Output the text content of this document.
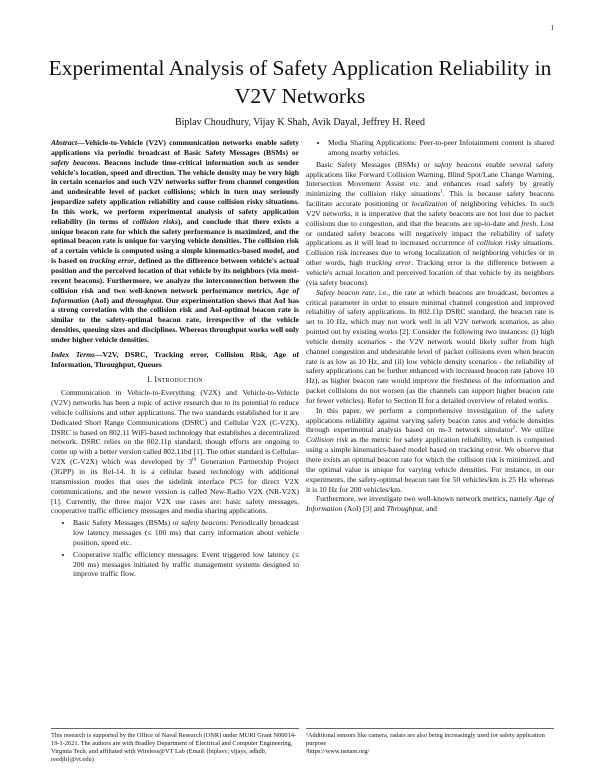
1
Experimental Analysis of Safety Application Reliability in V2V Networks
Biplav Choudhury, Vijay K Shah, Avik Dayal, Jeffrey H. Reed

Abstract—Vehicle-to-Vehicle (V2V) communication networks enable safety applications via periodic broadcast of Basic Safety Messages (BSMs) or safety beacons. Beacons include time-critical information such as sender vehicle's location, speed and direction. The vehicle density may be very high in certain scenarios and such V2V networks suffer from channel congestion and undesirable level of packet collisions; which in turn may seriously jeopardize safety application reliability and cause collision risky situations. In this work, we perform experimental analysis of safety application reliability (in terms of collision risks), and conclude that there exists a unique beacon rate for which the safety performance is maximized, and the optimal beacon rate is unique for varying vehicle densities. The collision risk of a certain vehicle is computed using a simple kinematics-based model, and is based on tracking error, defined as the difference between vehicle's actual position and the perceived location of that vehicle by its neighbors (via most-recent beacons). Furthermore, we analyze the interconnection between the collision risk and two well-known network performance metrics, Age of Information (AoI) and throughput. Our experimentation shows that AoI has a strong correlation with the collision risk and AoI-optimal beacon rate is similar to the safety-optimal beacon rate, irrespective of the vehicle densities, queuing sizes and disciplines. Whereas throughput works well only under higher vehicle densities.

Index Terms—V2V, DSRC, Tracking error, Collision Risk, Age of Information, Throughput, Queues

I. Introduction

Communication in Vehicle-to-Everything (V2X) and Vehicle-to-Vehicle (V2V) networks has been a topic of active research due to its potential to reduce vehicle collisions and other applications. The two standards established for it are Dedicated Short Range Communications (DSRC) and Cellular V2X (C-V2X). DSRC is based on 802.11 WiFi-based technology that establishes a decentralized network. DSRC relies on the 802.11p standard, though efforts are ongoing to come up with a better version called 802.11bd [1]. The other standard is Cellular-V2X (C-V2X) which was developed by 3rd Generation Partnership Project (3GPP) in its Rel-14. It is a cellular based technology with additional transmission modes that uses the sidelink interface PC5 for direct V2X communications, and the newer version is called New-Radio V2X (NR-V2X) [1]. Currently, the three major V2X use cases are: basic safety messages, cooperative traffic efficiency messages and media sharing applications.

• Basic Safety Messages (BSMs) or safety beacons: Periodically broadcast low latency messages (≤ 100 ms) that carry information about vehicle position, speed etc.
• Cooperative traffic efficiency messages: Event triggered low latency (≤ 200 ms) messages initiated by traffic management systems designed to improve traffic flow.
• Media Sharing Applications: Peer-to-peer Infotainment content is shared among nearby vehicles.

Basic Safety Messages (BSMs) or safety beacons enable several safety applications like Forward Collision Warning, Blind Spot/Lane Change Warning, Intersection Movement Assist etc. and enhances road safety by greatly minimizing the collision risky situations$^1$. This is because safety beacons facilitate accurate positioning or localization of neighboring vehicles. In such V2V networks, it is imperative that the safety beacons are not lost due to packet collisions due to congestion, and that the beacons are up-to-date and fresh. Lost or outdated safety beacons will negatively impact the reliability of safety applications as it will lead to increased occurrence of collision risky situations. Collision risk increases due to wrong localization of neighboring vehicles or in other words, high tracking error. Tracking error is the difference between a vehicle's actual location and perceived location of that vehicle by its neighbors (via safety beacons).

Safety beacon rate, i.e., the rate at which beacons are broadcast, becomes a critical parameter in order to ensure minimal channel congestion and improved reliability of safety applications. In 802.11p DSRC standard, the beacon rate is set to 10 Hz, which may not work well in all V2V network scenarios, as also pointed out by existing works [2]. Consider the following two instances: (i) high vehicle density scenarios - the V2V network would likely suffer from high channel congestion and undesirable level of packet collisions even when beacon rate is as low as 10 Hz, and (ii) low vehicle density scenarios - the reliability of safety applications can be further enhanced with increased beacon rate (above 10 Hz), as higher beacon rate would improve the freshness of the information and packet collisions do not worsen (as the channels can support higher beacon rate for fewer vehicles). Refer to Section II for a detailed overview of related works.

In this paper, we perform a comprehensive investigation of the safety applications reliability against varying safety beacon rates and vehicle densities through experimental analysis based on ns-3 network simulator$^2$. We utilize Collision risk as the metric for safety application reliability, which is computed using a simple kinematics-based model based on tracking error. We observe that there exists an optimal beacon rate for which the collision risk is minimized, and the optimal value is unique for varying vehicle densities. For instance, in our experiments, the safety-optimal beacon rate for 50 vehicles/km is 25 Hz whereas it is 10 Hz for 200 vehicles/km.

Furthermore, we investigate two well-known network metrics, namely Age of Information (AoI) [3] and Throughput, and

This research is supported by the Office of Naval Research (ONR) under MURI Grant N00014-19-1-2621. The authors are with Bradley Department of Electrical and Computer Engineering, Virginia Tech, and affiliated with Wireless@VT Lab (Email:{biplavc, vijays, adhdb, reedjh}@vt.edu)
¹Additional sensors like camera, radars are also being increasingly used for safety application purpose
²https://www.nsnam.org/
